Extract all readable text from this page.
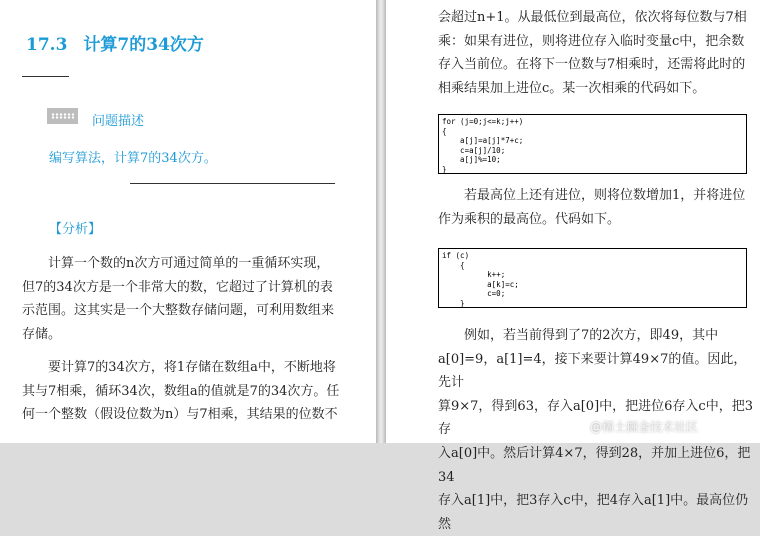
17.3 计算7的34次方
问题描述
编写算法，计算7的34次方。
【分析】
计算一个数的n次方可通过简单的一重循环实现，
但7的34次方是一个非常大的数，它超过了计算机的表
示范围。这其实是一个大整数存储问题，可利用数组来
存储。
要计算7的34次方，将1存储在数组a中，不断地将
其与7相乘，循环34次，数组a的值就是7的34次方。任
何一个整数（假设位数为n）与7相乘，其结果的位数不
会超过n+1。从最低位到最高位，依次将每位数与7相
乘：如果有进位，则将进位存入临时变量c中，把余数
存入当前位。在将下一位数与7相乘时，还需将此时的
相乘结果加上进位c。某一次相乘的代码如下。
for (j=0;j<=k;j++)
{
a[j]=a[j]*7+c;
c=a[j]/10;
a[j]%=10;
}
若最高位上还有进位，则将位数增加1，并将进位
作为乘积的最高位。代码如下。
if (c)
{
k++;
a[k]=c;
c=0;
}
例如，若当前得到了7的2次方，即49，其中
a[0]=9，a[1]=4，接下来要计算49×7的值。因此，先计
算9×7，得到63，存入a[0]中，把进位6存入c中，把3存
入a[0]中。然后计算4×7，得到28，并加上进位6，把34
存入a[1]中，把3存入c中，把4存入a[1]中。最高位仍然
@稀土掘金技术社区
